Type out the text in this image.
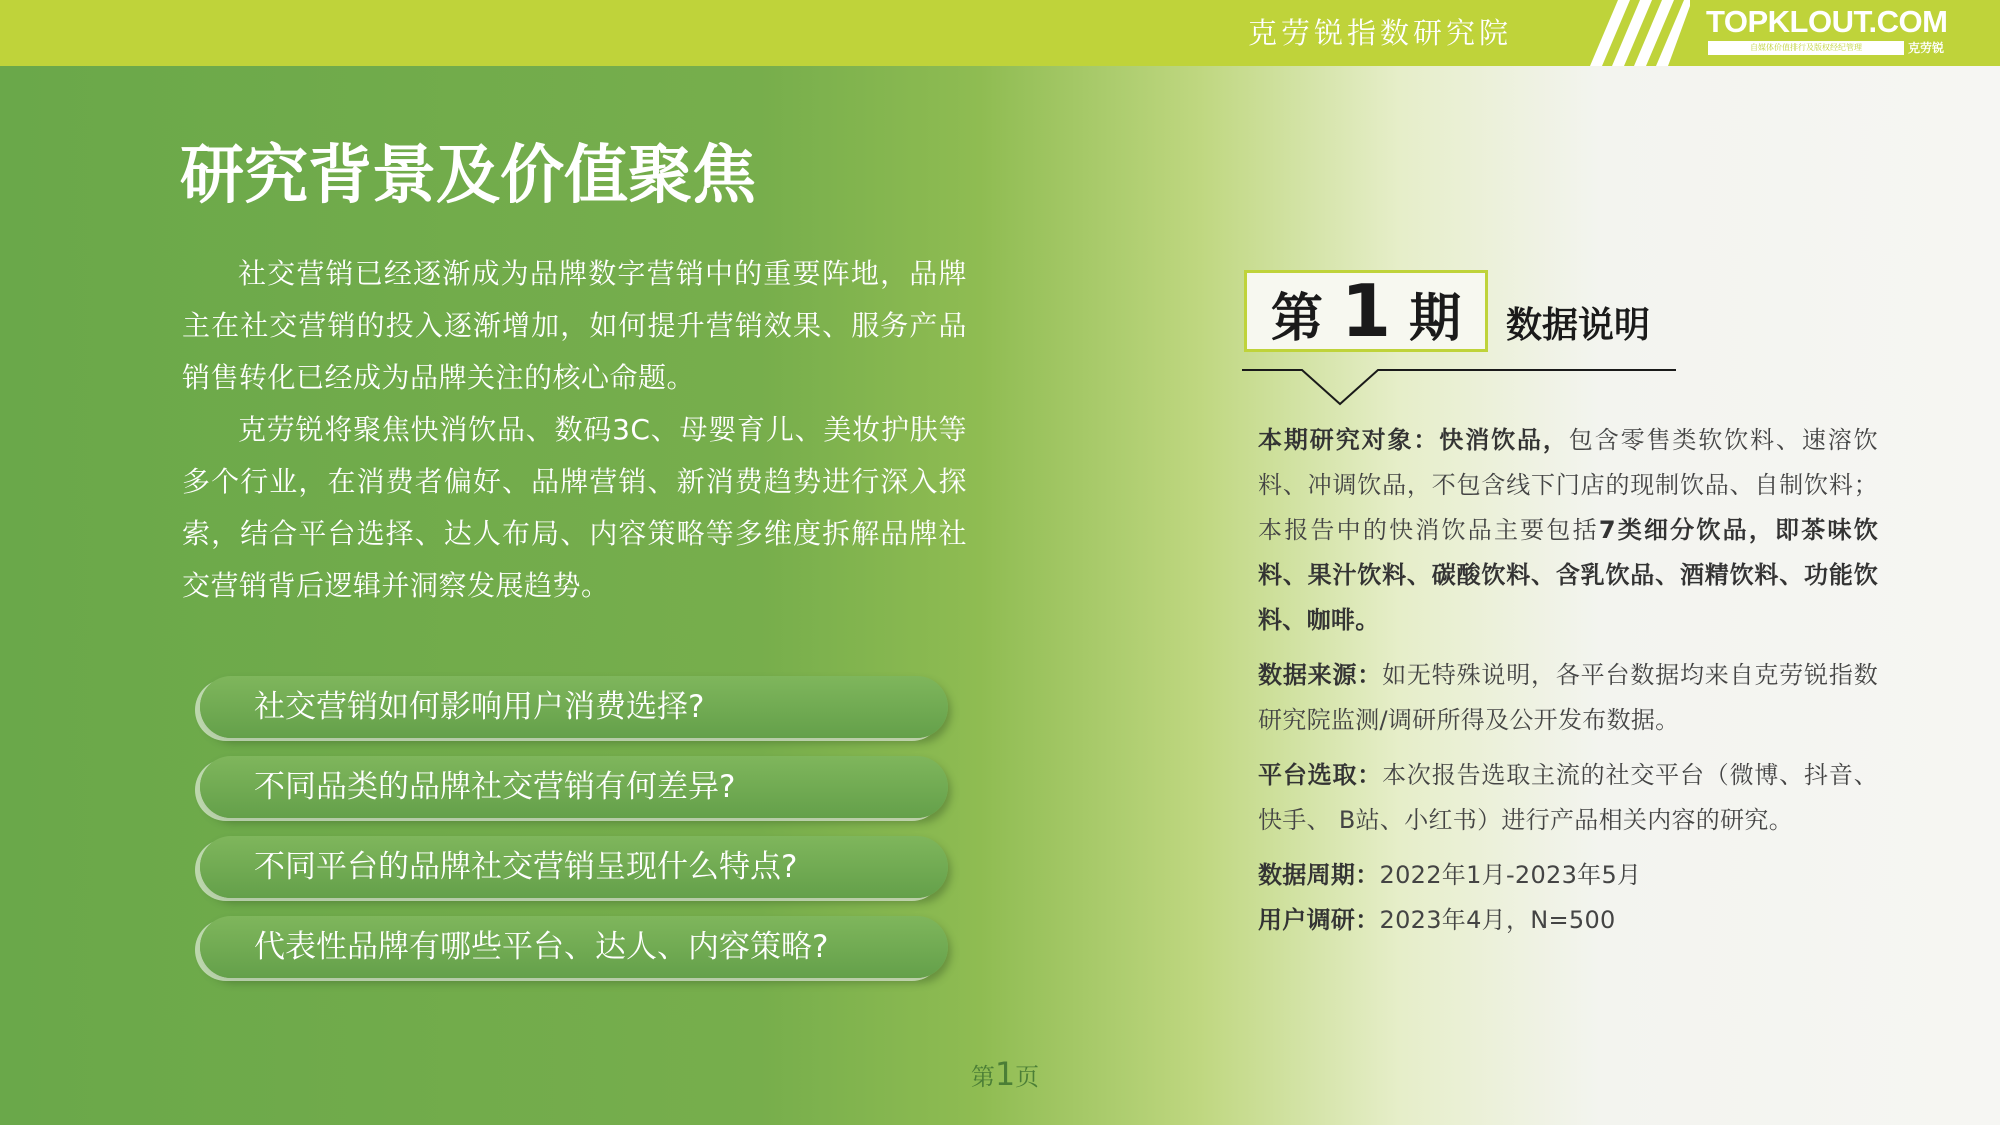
克劳锐指数研究院	TOPKLOUT.COM
自媒体价值排行及版权经纪管理	克劳锐
研究背景及价值聚焦

社交营销已经逐渐成为品牌数字营销中的重要阵地，品牌主在社交营销的投入逐渐增加，如何提升营销效果、服务产品销售转化已经成为品牌关注的核心命题。

克劳锐将聚焦快消饮品、数码3C、母婴育儿、美妆护肤等多个行业，在消费者偏好、品牌营销、新消费趋势进行深入探索，结合平台选择、达人布局、内容策略等多维度拆解品牌社交营销背后逻辑并洞察发展趋势。

社交营销如何影响用户消费选择?
不同品类的品牌社交营销有何差异?
不同平台的品牌社交营销呈现什么特点?
代表性品牌有哪些平台、达人、内容策略?
第1页
第 1 期	数据说明
本期研究对象：快消饮品，包含零售类软饮料、速溶饮料、冲调饮品，不包含线下门店的现制饮品、自制饮料；本报告中的快消饮品主要包括7类细分饮品，即茶味饮料、果汁饮料、碳酸饮料、含乳饮品、酒精饮料、功能饮料、咖啡。
数据来源：如无特殊说明，各平台数据均来自克劳锐指数研究院监测/调研所得及公开发布数据。
平台选取：本次报告选取主流的社交平台（微博、抖音、快手、 B站、小红书）进行产品相关内容的研究。
数据周期：2022年1月-2023年5月
用户调研：2023年4月，N=500
